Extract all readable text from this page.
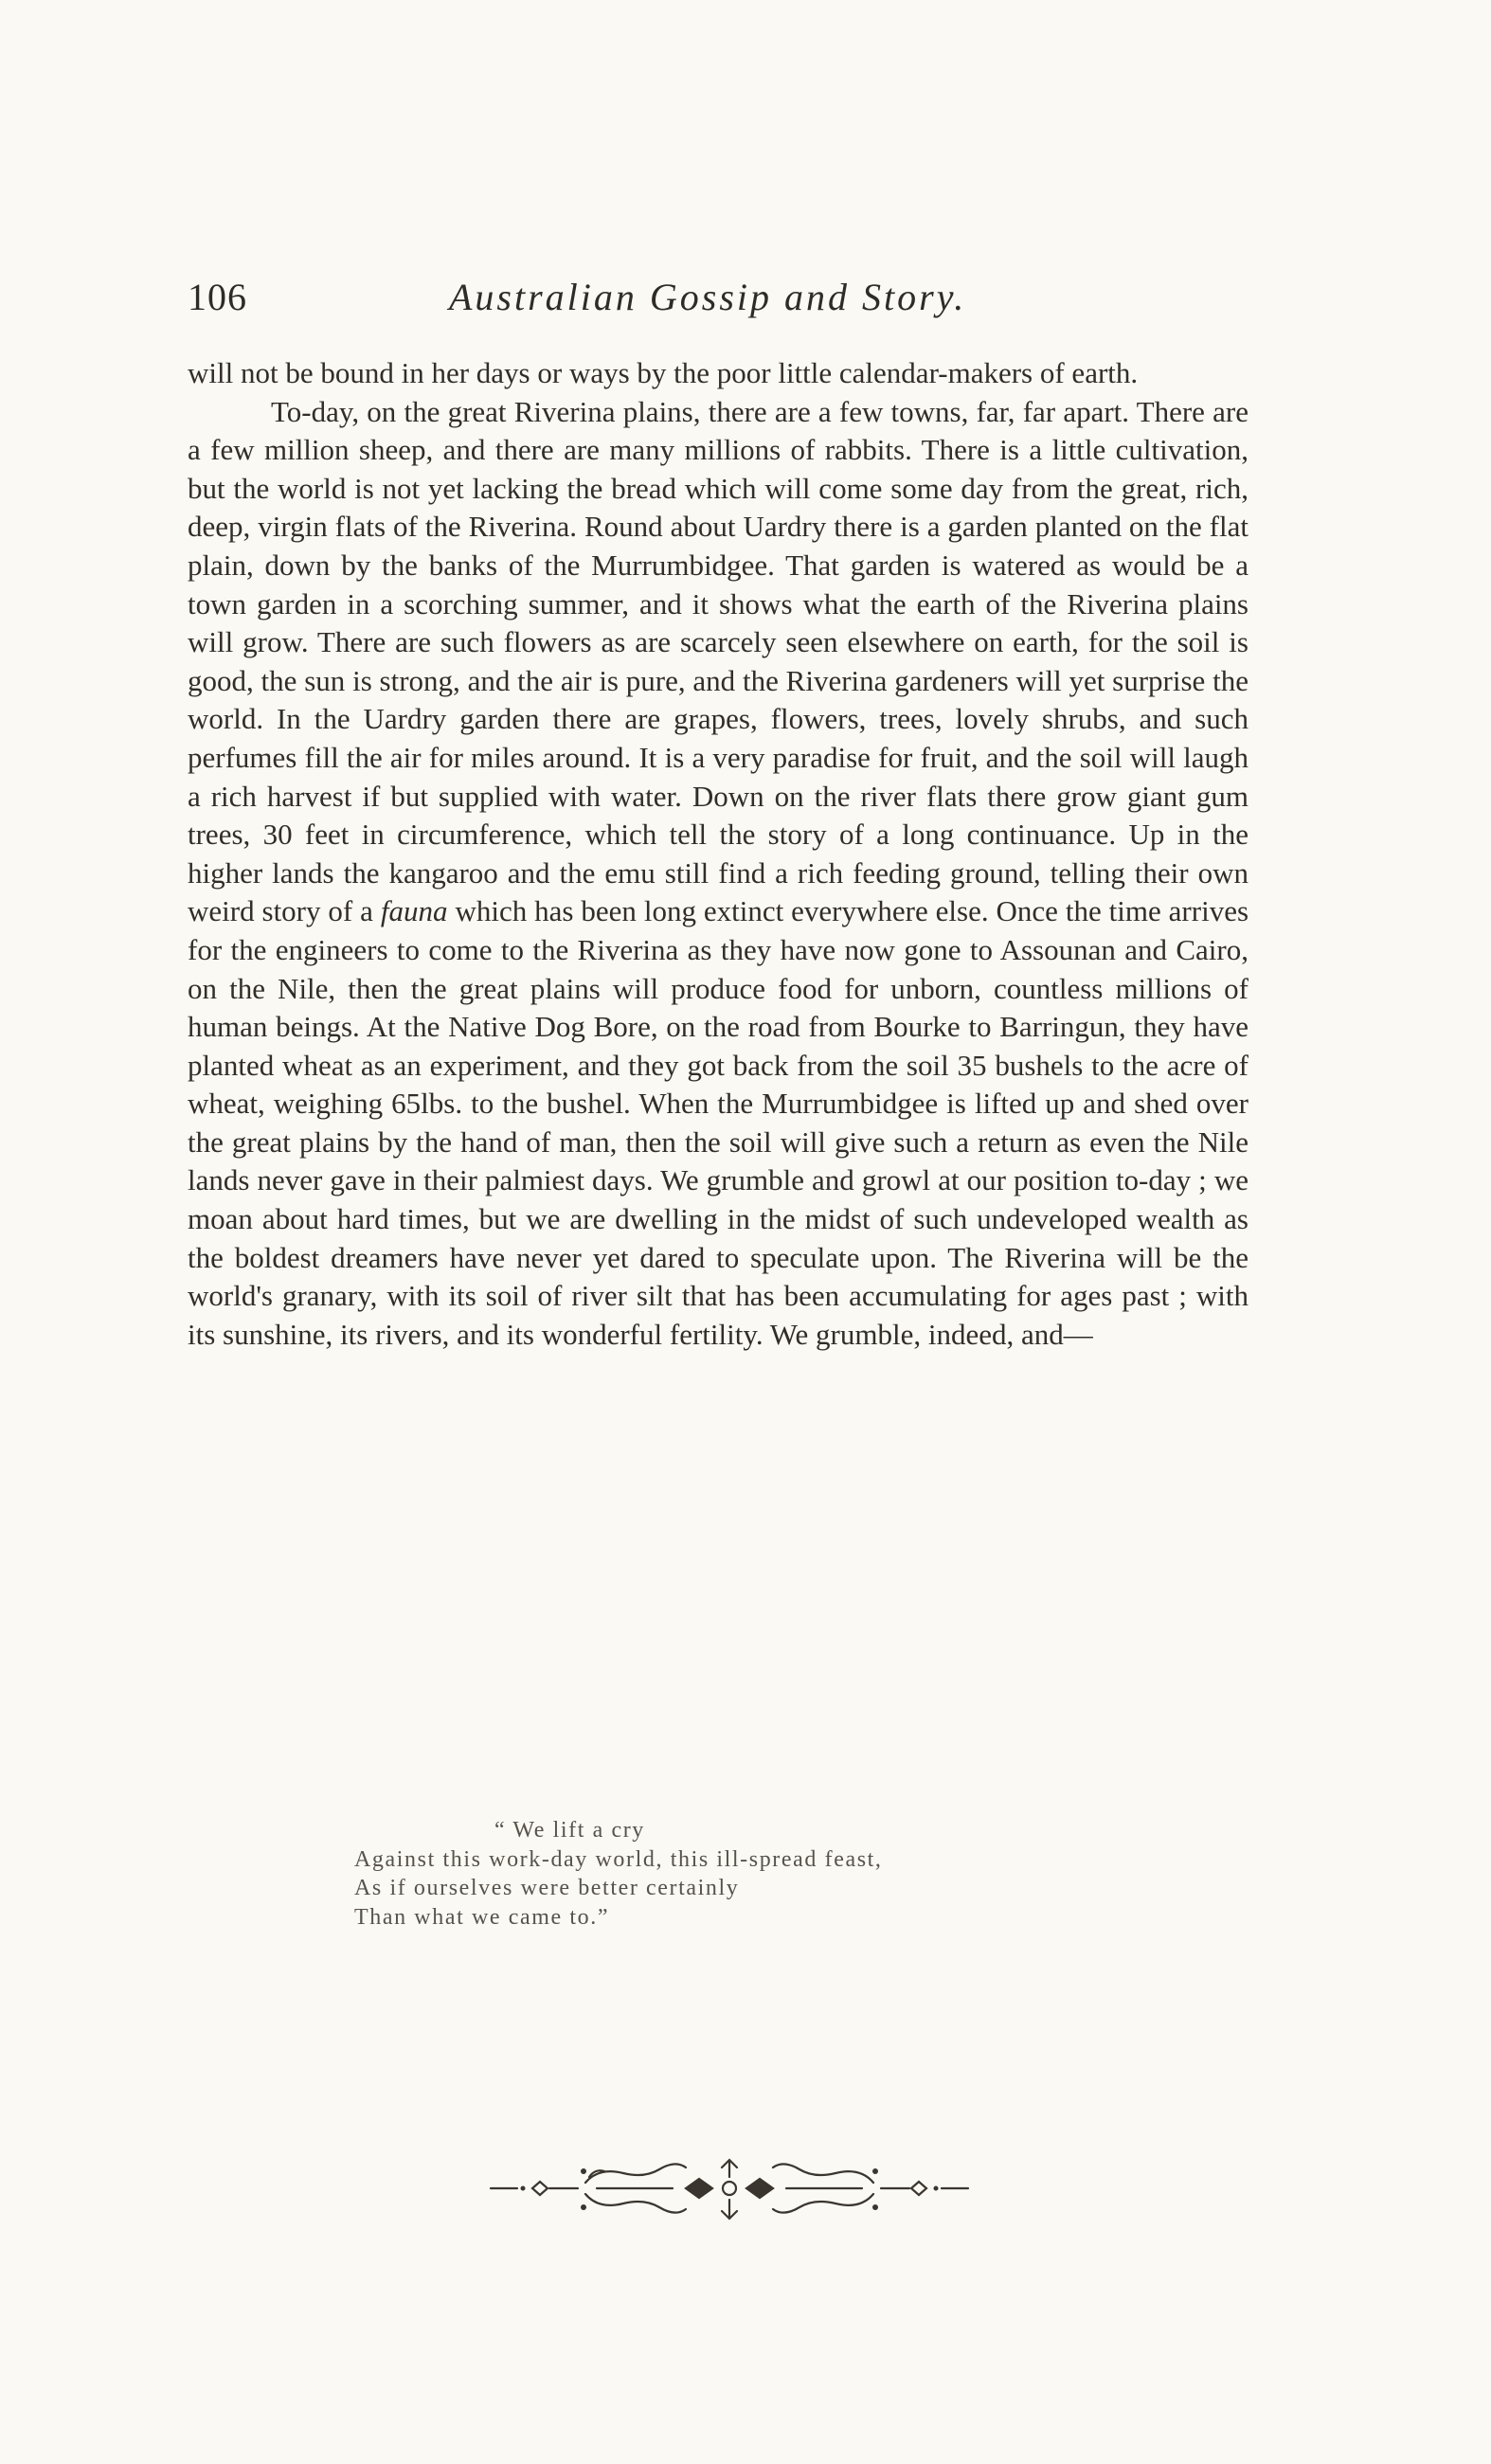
106	Australian Gossip and Story.

will not be bound in her days or ways by the poor little calendar-makers of earth.

To-day, on the great Riverina plains, there are a few towns, far, far apart. There are a few million sheep, and there are many millions of rabbits. There is a little cultivation, but the world is not yet lacking the bread which will come some day from the great, rich, deep, virgin flats of the Riverina. Round about Uardry there is a garden planted on the flat plain, down by the banks of the Murrumbidgee. That garden is watered as would be a town garden in a scorching summer, and it shows what the earth of the Riverina plains will grow. There are such flowers as are scarcely seen elsewhere on earth, for the soil is good, the sun is strong, and the air is pure, and the Riverina gardeners will yet surprise the world. In the Uardry garden there are grapes, flowers, trees, lovely shrubs, and such perfumes fill the air for miles around. It is a very paradise for fruit, and the soil will laugh a rich harvest if but supplied with water. Down on the river flats there grow giant gum trees, 30 feet in circumference, which tell the story of a long continuance. Up in the higher lands the kangaroo and the emu still find a rich feeding ground, telling their own weird story of a fauna which has been long extinct everywhere else. Once the time arrives for the engineers to come to the Riverina as they have now gone to Assounan and Cairo, on the Nile, then the great plains will produce food for unborn, countless millions of human beings. At the Native Dog Bore, on the road from Bourke to Barringun, they have planted wheat as an experiment, and they got back from the soil 35 bushels to the acre of wheat, weighing 65lbs. to the bushel. When the Murrumbidgee is lifted up and shed over the great plains by the hand of man, then the soil will give such a return as even the Nile lands never gave in their palmiest days. We grumble and growl at our position to-day ; we moan about hard times, but we are dwelling in the midst of such undeveloped wealth as the boldest dreamers have never yet dared to speculate upon. The Riverina will be the world's granary, with its soil of river silt that has been accumulating for ages past ; with its sunshine, its rivers, and its wonderful fertility. We grumble, indeed, and—

“ We lift a cry
Against this work-day world, this ill-spread feast,
As if ourselves were better certainly
Than what we came to.”
